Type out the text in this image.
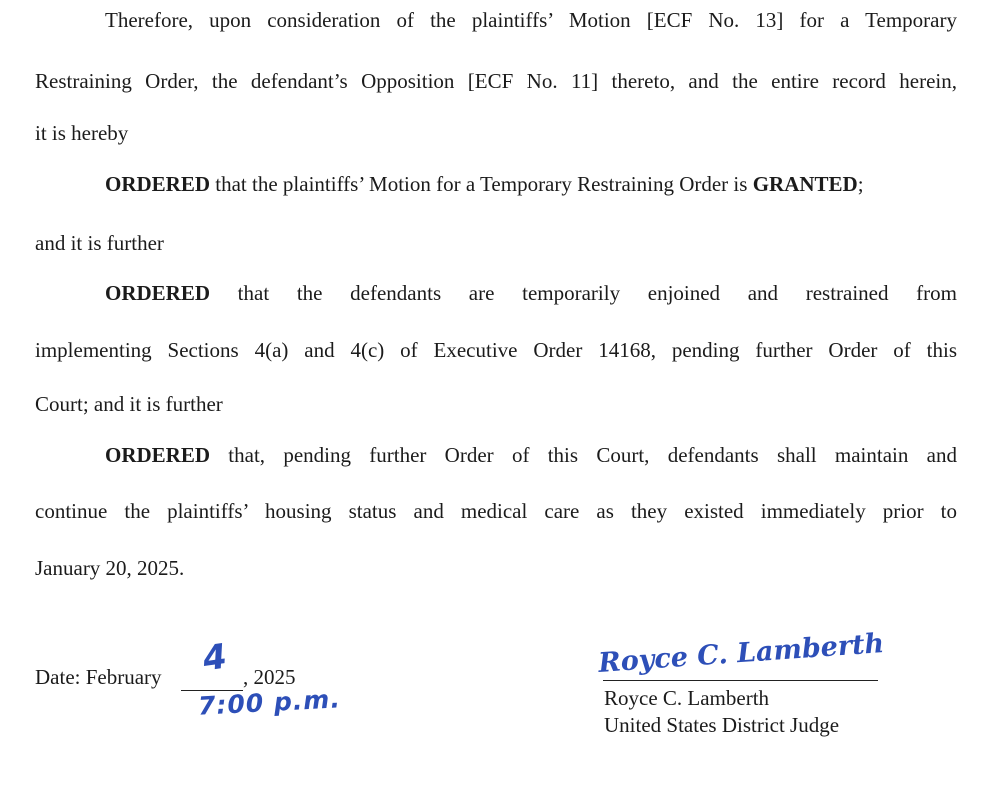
Therefore, upon consideration of the plaintiffs’ Motion [ECF No. 13] for a Temporary
Restraining Order, the defendant’s Opposition [ECF No. 11] thereto, and the entire record herein,
it is hereby
ORDERED that the plaintiffs’ Motion for a Temporary Restraining Order is GRANTED;
and it is further
ORDERED that the defendants are temporarily enjoined and restrained from
implementing Sections 4(a) and 4(c) of Executive Order 14168, pending further Order of this
Court; and it is further
ORDERED that, pending further Order of this Court, defendants shall maintain and
continue the plaintiffs’ housing status and medical care as they existed immediately prior to
January 20, 2025.
Date: February 4 , 2025
7:00 p.m.
Royce C. Lamberth
Royce C. Lamberth
United States District Judge
